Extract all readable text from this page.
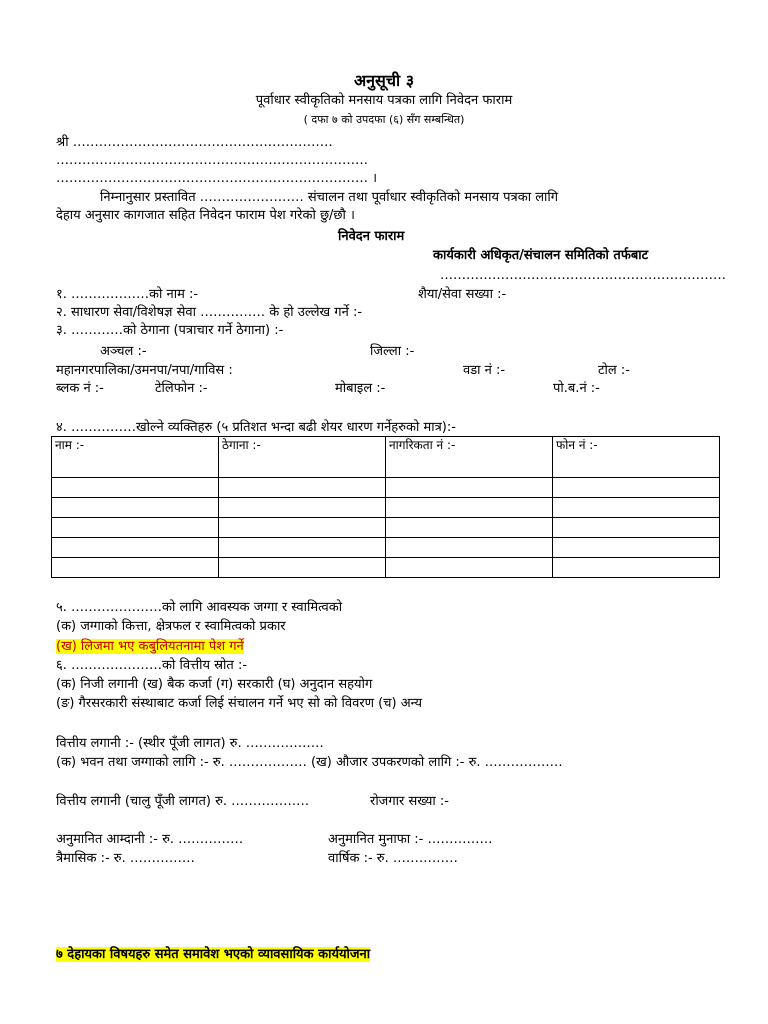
अनुसूची ३
पूर्वाधार स्वीकृतिको मनसाय पत्रका लागि निवेदन फाराम
( दफा ७ को उपदफा (६) सँग सम्बन्धित)
श्री ……………………………………………………
………………………………………………………………
……………………………………………………………… ।
निम्नानुसार प्रस्तावित …………………… संचालन तथा पूर्वाधार स्वीकृतिको मनसाय पत्रका लागि
देहाय अनुसार कागजात सहित निवेदन फाराम पेश गरेको छु/छौ ।
निवेदन फाराम
कार्यकारी अधिकृत/संचालन समितिको तर्फबाट
…………………………………………………………
१. ………………को नाम :-	शैया/सेवा सख्या :-
२. साधारण सेवा/विशेषज्ञ सेवा …………… के हो उल्लेख गर्ने :-
३. …………को ठेगाना (पत्राचार गर्ने ठेगाना) :-
अञ्चल :-	जिल्ला :-
महानगरपालिका/उमनपा/नपा/गाविस :	वडा नं :-	टोल :-
ब्लक नं :-	टेलिफोन :-	मोबाइल :-	पो.ब.नं :-
४. ……………खोल्ने व्यक्तिहरु (५ प्रतिशत भन्दा बढी शेयर धारण गर्नेहरुको मात्र):-
नाम :-	ठेगाना :-	नागरिकता नं :-	फोन नं :-

५. …………………को लागि आवस्यक जग्गा र स्वामित्वको
(क) जग्गाको कित्ता, क्षेत्रफल र स्वामित्वको प्रकार
(ख) लिजमा भए कबुलियतनामा पेश गर्ने
६. …………………को वित्तीय स्रोत :-
(क) निजी लगानी (ख) बैक कर्जा (ग) सरकारी (घ) अनुदान सहयोग
(ङ) गैरसरकारी संस्थाबाट कर्जा लिई संचालन गर्ने भए सो को विवरण (च) अन्य
वित्तीय लगानी :- (स्थीर पूँजी लागत) रु. ………………
(क) भवन तथा जग्गाको लागि :- रु. ……………… (ख) औजार उपकरणको लागि :- रु. ………………
वित्तीय लगानी (चालु पूँजी लागत) रु. ………………	रोजगार सख्या :-
अनुमानित आम्दानी :- रु. ……………	अनुमानित मुनाफा :- ……………
त्रैमासिक :- रु. ……………	वार्षिक :- रु. ……………
७ देहायका विषयहरु समेत समावेश भएको व्यावसायिक कार्ययोजना
